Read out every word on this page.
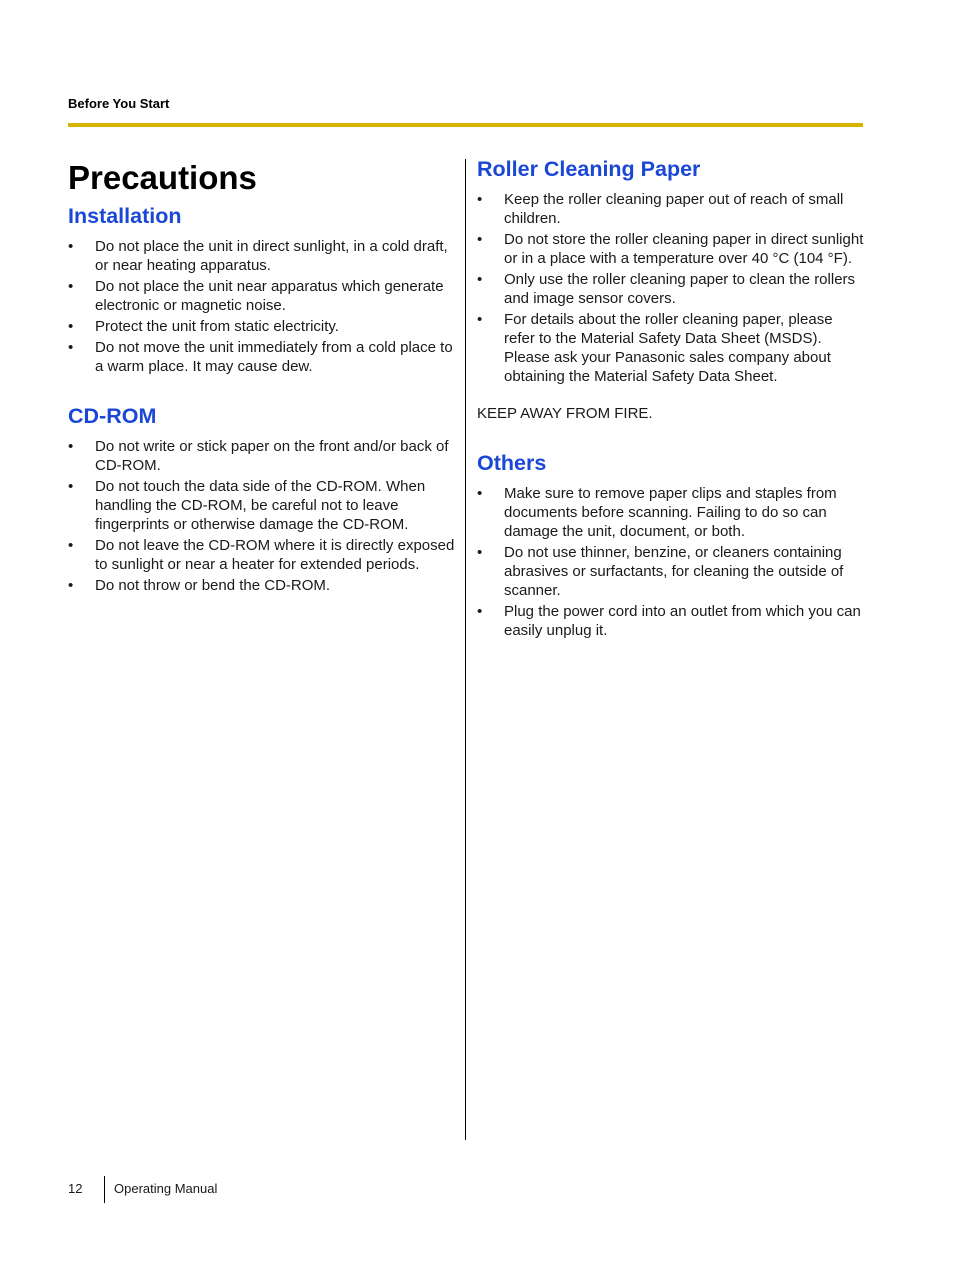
Before You Start
Precautions
Installation
• Do not place the unit in direct sunlight, in a cold draft, or near heating apparatus.
• Do not place the unit near apparatus which generate electronic or magnetic noise.
• Protect the unit from static electricity.
• Do not move the unit immediately from a cold place to a warm place. It may cause dew.
CD-ROM
• Do not write or stick paper on the front and/or back of CD-ROM.
• Do not touch the data side of the CD-ROM. When handling the CD-ROM, be careful not to leave fingerprints or otherwise damage the CD-ROM.
• Do not leave the CD-ROM where it is directly exposed to sunlight or near a heater for extended periods.
• Do not throw or bend the CD-ROM.
Roller Cleaning Paper
• Keep the roller cleaning paper out of reach of small children.
• Do not store the roller cleaning paper in direct sunlight or in a place with a temperature over 40 °C (104 °F).
• Only use the roller cleaning paper to clean the rollers and image sensor covers.
• For details about the roller cleaning paper, please refer to the Material Safety Data Sheet (MSDS). Please ask your Panasonic sales company about obtaining the Material Safety Data Sheet.
KEEP AWAY FROM FIRE.
Others
• Make sure to remove paper clips and staples from documents before scanning. Failing to do so can damage the unit, document, or both.
• Do not use thinner, benzine, or cleaners containing abrasives or surfactants, for cleaning the outside of scanner.
• Plug the power cord into an outlet from which you can easily unplug it.
12 Operating Manual
